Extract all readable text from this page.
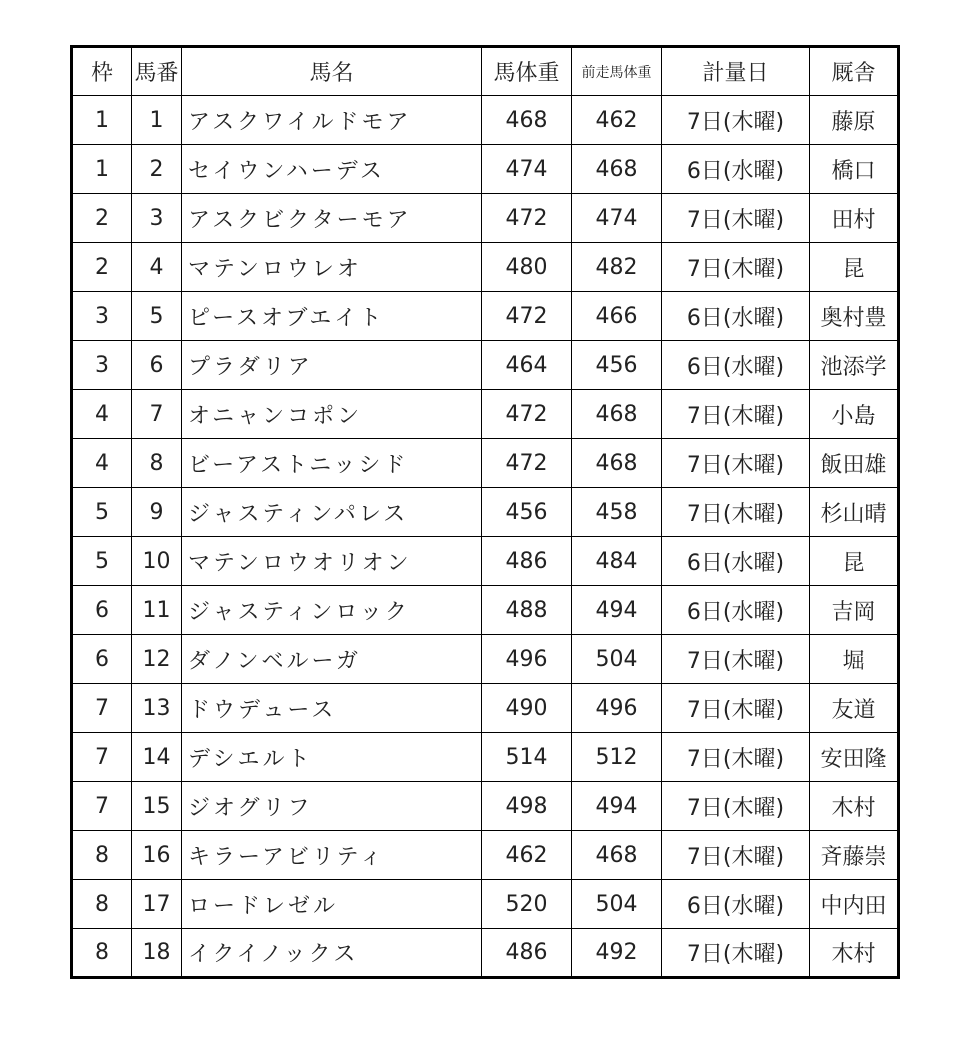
枠	馬番	馬名	馬体重	前走馬体重	計量日	厩舎
1	1	アスクワイルドモア	468	462	7日(木曜)	藤原
1	2	セイウンハーデス	474	468	6日(水曜)	橋口
2	3	アスクビクターモア	472	474	7日(木曜)	田村
2	4	マテンロウレオ	480	482	7日(木曜)	昆
3	5	ピースオブエイト	472	466	6日(水曜)	奥村豊
3	6	プラダリア	464	456	6日(水曜)	池添学
4	7	オニャンコポン	472	468	7日(木曜)	小島
4	8	ビーアストニッシド	472	468	7日(木曜)	飯田雄
5	9	ジャスティンパレス	456	458	7日(木曜)	杉山晴
5	10	マテンロウオリオン	486	484	6日(水曜)	昆
6	11	ジャスティンロック	488	494	6日(水曜)	吉岡
6	12	ダノンベルーガ	496	504	7日(木曜)	堀
7	13	ドウデュース	490	496	7日(木曜)	友道
7	14	デシエルト	514	512	7日(木曜)	安田隆
7	15	ジオグリフ	498	494	7日(木曜)	木村
8	16	キラーアビリティ	462	468	7日(木曜)	斉藤崇
8	17	ロードレゼル	520	504	6日(水曜)	中内田
8	18	イクイノックス	486	492	7日(木曜)	木村
